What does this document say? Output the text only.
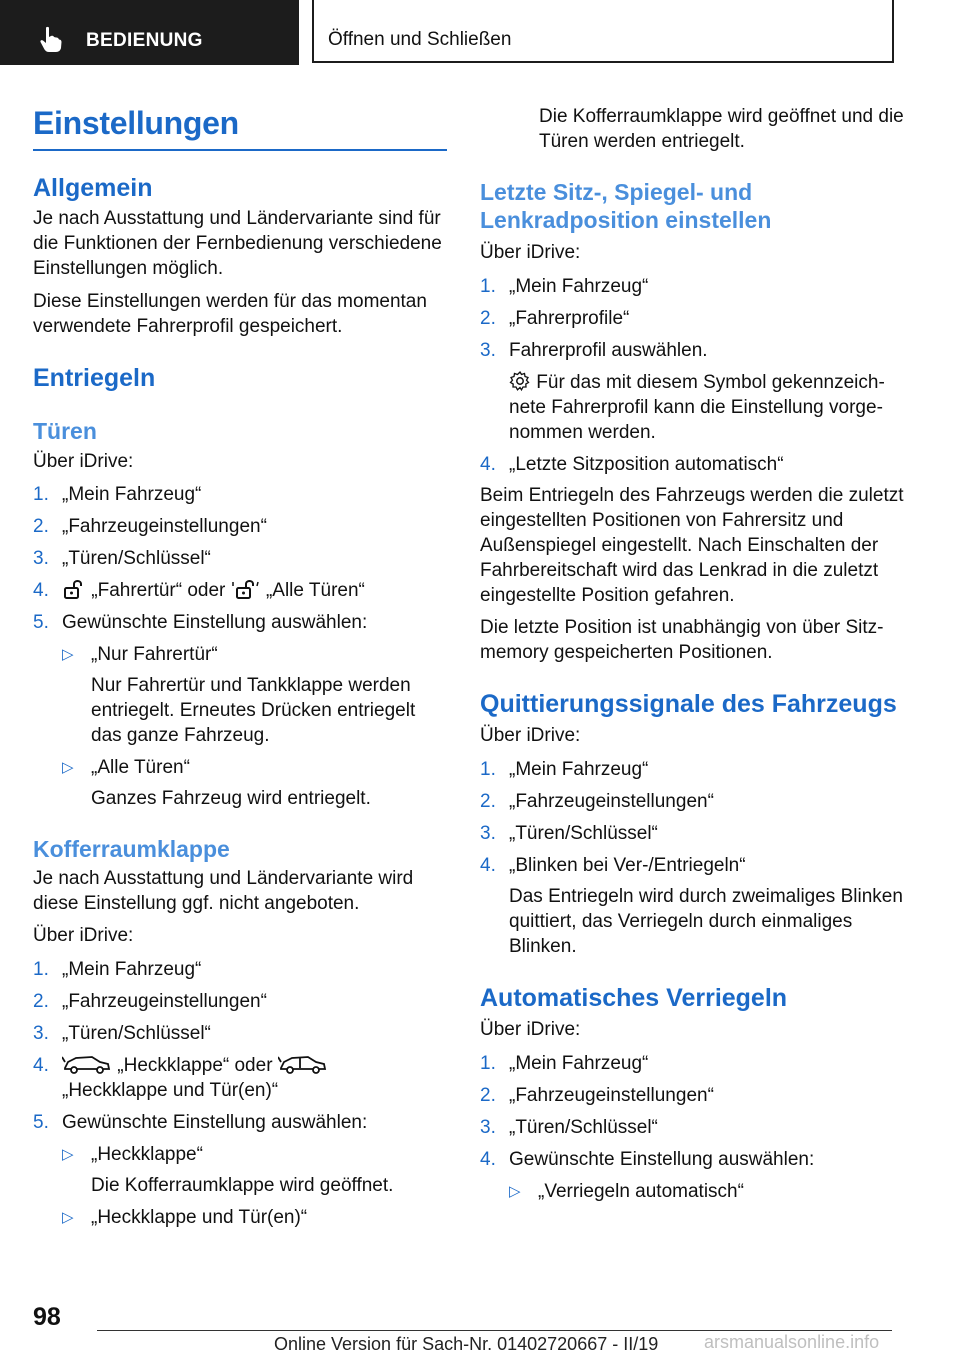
BEDIENUNG	Öffnen und Schließen
Einstellungen
Allgemein

Je nach Ausstattung und Ländervariante sind für die Funktionen der Fernbedienung verschiedene Einstellungen möglich.

Diese Einstellungen werden für das momentan verwendete Fahrerprofil gespeichert.

Entriegeln
Türen

Über iDrive:

1. „Mein Fahrzeug“
2. „Fahrzeugeinstellungen“
3. „Türen/Schlüssel“
4. „Fahrertür“ oder „Alle Türen“
5. Gewünschte Einstellung auswählen:
▷ „Nur Fahrertür“

Nur Fahrertür und Tankklappe werden entriegelt. Erneutes Drücken entriegelt das ganze Fahrzeug.

▷ „Alle Türen“

Ganzes Fahrzeug wird entriegelt.

Kofferraumklappe

Je nach Ausstattung und Ländervariante wird diese Einstellung ggf. nicht angeboten.

Über iDrive:

1. „Mein Fahrzeug“
2. „Fahrzeugeinstellungen“
3. „Türen/Schlüssel“
4.	„Heckklappe“ oder
„Heckklappe und Tür(en)“
5. Gewünschte Einstellung auswählen:
▷ „Heckklappe“

Die Kofferraumklappe wird geöffnet.

▷ „Heckklappe und Tür(en)“

Die Kofferraumklappe wird geöffnet und die Türen werden entriegelt.

Letzte Sitz-, Spiegel- und Lenkradposition einstellen

Über iDrive:

1. „Mein Fahrzeug“
2. „Fahrerprofile“
3. Fahrerprofil auswählen.

Für das mit diesem Symbol gekennzeichnete Fahrerprofil kann die Einstellung vorgenommen werden.

4. „Letzte Sitzposition automatisch“

Beim Entriegeln des Fahrzeugs werden die zuletzt eingestellten Positionen von Fahrersitz und Außenspiegel eingestellt. Nach Einschalten der Fahrbereitschaft wird das Lenkrad in die zuletzt eingestellte Position gefahren.

Die letzte Position ist unabhängig von über Sitzmemory gespeicherten Positionen.

Quittierungssignale des Fahrzeugs

Über iDrive:

1. „Mein Fahrzeug“
2. „Fahrzeugeinstellungen“
3. „Türen/Schlüssel“
4. „Blinken bei Ver-/Entriegeln“

Das Entriegeln wird durch zweimaliges Blinken quittiert, das Verriegeln durch einmaliges Blinken.

Automatisches Verriegeln

Über iDrive:

1. „Mein Fahrzeug“
2. „Fahrzeugeinstellungen“
3. „Türen/Schlüssel“
4. Gewünschte Einstellung auswählen:
▷ „Verriegeln automatisch“
98
Online Version für Sach-Nr. 01402720667 - II/19	arsmanualsonline.info
